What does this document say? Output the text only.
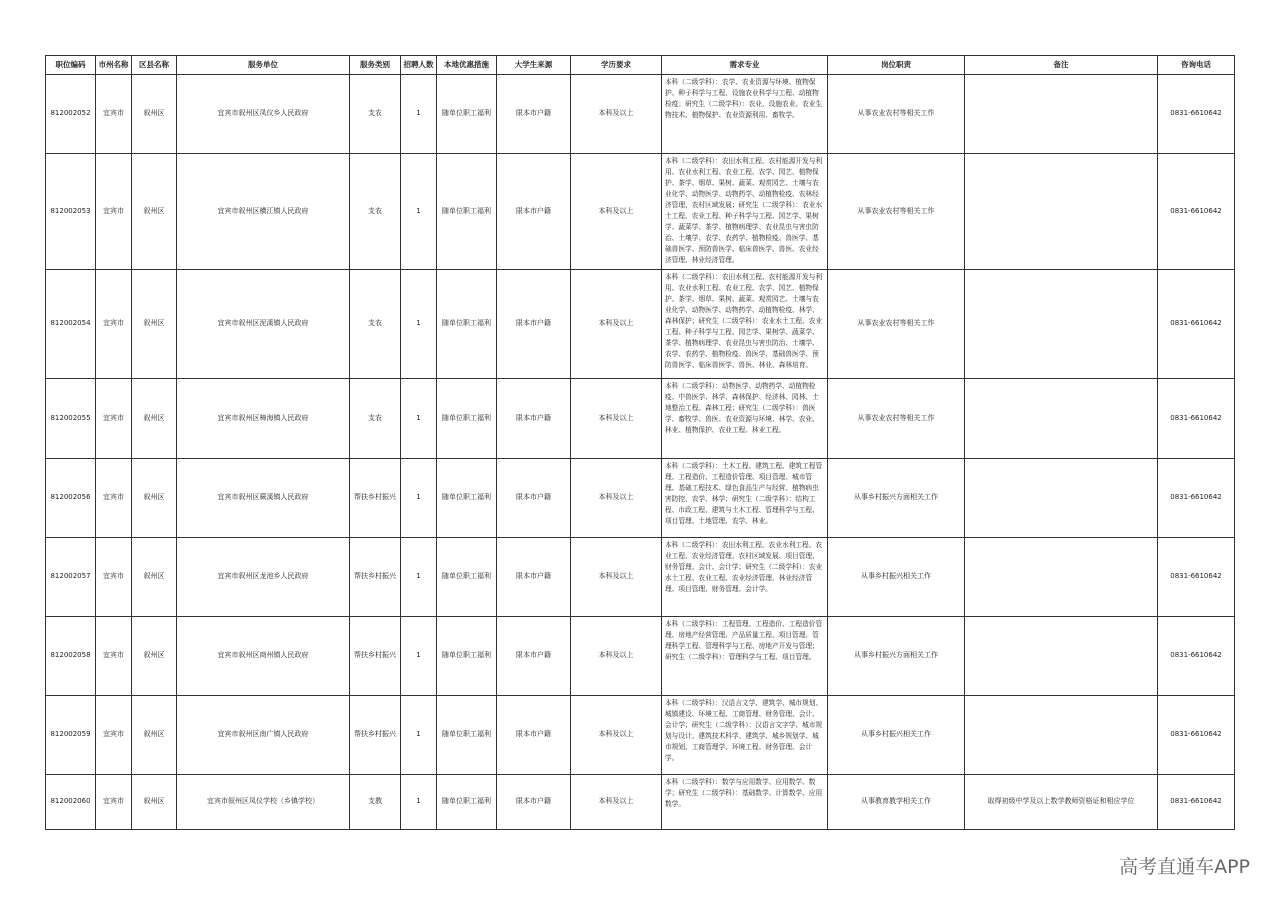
职位编码	市州名称	区县名称	服务单位	服务类别	招聘人数	本地优惠措施	大学生来源	学历要求	需求专业	岗位职责	备注	咨询电话
812002052	宜宾市	叙州区	宜宾市叙州区凤仪乡人民政府	支农	1	随单位职工福利	限本市户籍	本科及以上	本科（二级学科）：农学、农业资源与环境、植物保护、种子科学与工程、设施农业科学与工程、动植物检疫；研究生（二级学科）：农业、设施农业、农业生物技术、植物保护、农业资源利用、畜牧学。	从事农业农村等相关工作		0831-6610642
812002053	宜宾市	叙州区	宜宾市叙州区横江镇人民政府	支农	1	随单位职工福利	限本市户籍	本科及以上	本科（二级学科）：农田水利工程、农村能源开发与利用、农业水利工程、农业工程、农学、园艺、植物保护、茶学、烟草、果树、蔬菜、观赏园艺、土壤与农业化学、动物医学、动物药学、动植物检疫、农林经济管理、农村区域发展；研究生（二级学科）：农业水土工程、农业工程、种子科学与工程、园艺学、果树学、蔬菜学、茶学、植物病理学、农业昆虫与害虫防治、土壤学、农学、农药学、植物检疫、兽医学、基础兽医学、预防兽医学、临床兽医学、兽医、农业经济管理、林业经济管理。	从事农业农村等相关工作		0831-6610642
812002054	宜宾市	叙州区	宜宾市叙州区泥溪镇人民政府	支农	1	随单位职工福利	限本市户籍	本科及以上	本科（二级学科）：农田水利工程、农村能源开发与利用、农业水利工程、农业工程、农学、园艺、植物保护、茶学、烟草、果树、蔬菜、观赏园艺、土壤与农业化学、动物医学、动物药学、动植物检疫、林学、森林保护；研究生（二级学科）：农业水土工程、农业工程、种子科学与工程、园艺学、果树学、蔬菜学、茶学、植物病理学、农业昆虫与害虫防治、土壤学、农学、农药学、植物检疫、兽医学、基础兽医学、预防兽医学、临床兽医学、兽医、林业、森林培育。	从事农业农村等相关工作		0831-6610642
812002055	宜宾市	叙州区	宜宾市叙州区樟海镇人民政府	支农	1	随单位职工福利	限本市户籍	本科及以上	本科（二级学科）：动物医学、动物药学、动植物检疫、中兽医学、林学、森林保护、经济林、园林、土地整治工程、森林工程；研究生（二级学科）：兽医学、畜牧学、兽医、农业资源与环境、林学、农业、林业、植物保护、农业工程、林业工程。	从事农业农村等相关工作		0831-6610642
812002056	宜宾市	叙州区	宜宾市叙州区蕨溪镇人民政府	帮扶乡村振兴	1	随单位职工福利	限本市户籍	本科及以上	本科（二级学科）：土木工程、建筑工程、建筑工程管理、工程造价、工程造价管理、项目管理、城市管理、基础工程技术、绿色食品生产与经营、植物病虫害防控、农学、林学；研究生（二级学科）：结构工程、市政工程、建筑与土木工程、管理科学与工程、项目管理、土地管理、农学、林业。	从事乡村振兴方面相关工作		0831-6610642
812002057	宜宾市	叙州区	宜宾市叙州区龙池乡人民政府	帮扶乡村振兴	1	随单位职工福利	限本市户籍	本科及以上	本科（二级学科）：农田水利工程、农业水利工程、农业工程、农业经济管理、农村区域发展、项目管理、财务管理、会计、会计学；研究生（二级学科）：农业水土工程、农业工程、农业经济管理、林业经济管理、项目管理、财务管理、会计学。	从事乡村振兴相关工作		0831-6610642
812002058	宜宾市	叙州区	宜宾市叙州区商州镇人民政府	帮扶乡村振兴	1	随单位职工福利	限本市户籍	本科及以上	本科（二级学科）：工程管理、工程造价、工程造价管理、房地产经营管理、产品质量工程、项目管理、管理科学工程、管理科学与工程、房地产开发与管理；研究生（二级学科）：管理科学与工程、项目管理。	从事乡村振兴方面相关工作		0831-6610642
812002059	宜宾市	叙州区	宜宾市叙州区南广镇人民政府	帮扶乡村振兴	1	随单位职工福利	限本市户籍	本科及以上	本科（二级学科）：汉语言文学、建筑学、城市规划、城镇建设、环境工程、工商管理、财务管理、会计、会计学；研究生（二级学科）：汉语言文字学、城市规划与设计、建筑技术科学、建筑学、城乡规划学、城市规划、工商管理学、环境工程、财务管理、会计学。	从事乡村振兴相关工作		0831-6610642
812002060	宜宾市	叙州区	宜宾市叙州区凤仪学校（乡镇学校）	支教	1	随单位职工福利	限本市户籍	本科及以上	本科（二级学科）：数学与应用数学、应用数学、数学；研究生（二级学科）：基础数学、计算数学、应用数学。	从事教育教学相关工作	取得初级中学及以上数学教师资格证和相应学位	0831-6610642
高考直通车APP
